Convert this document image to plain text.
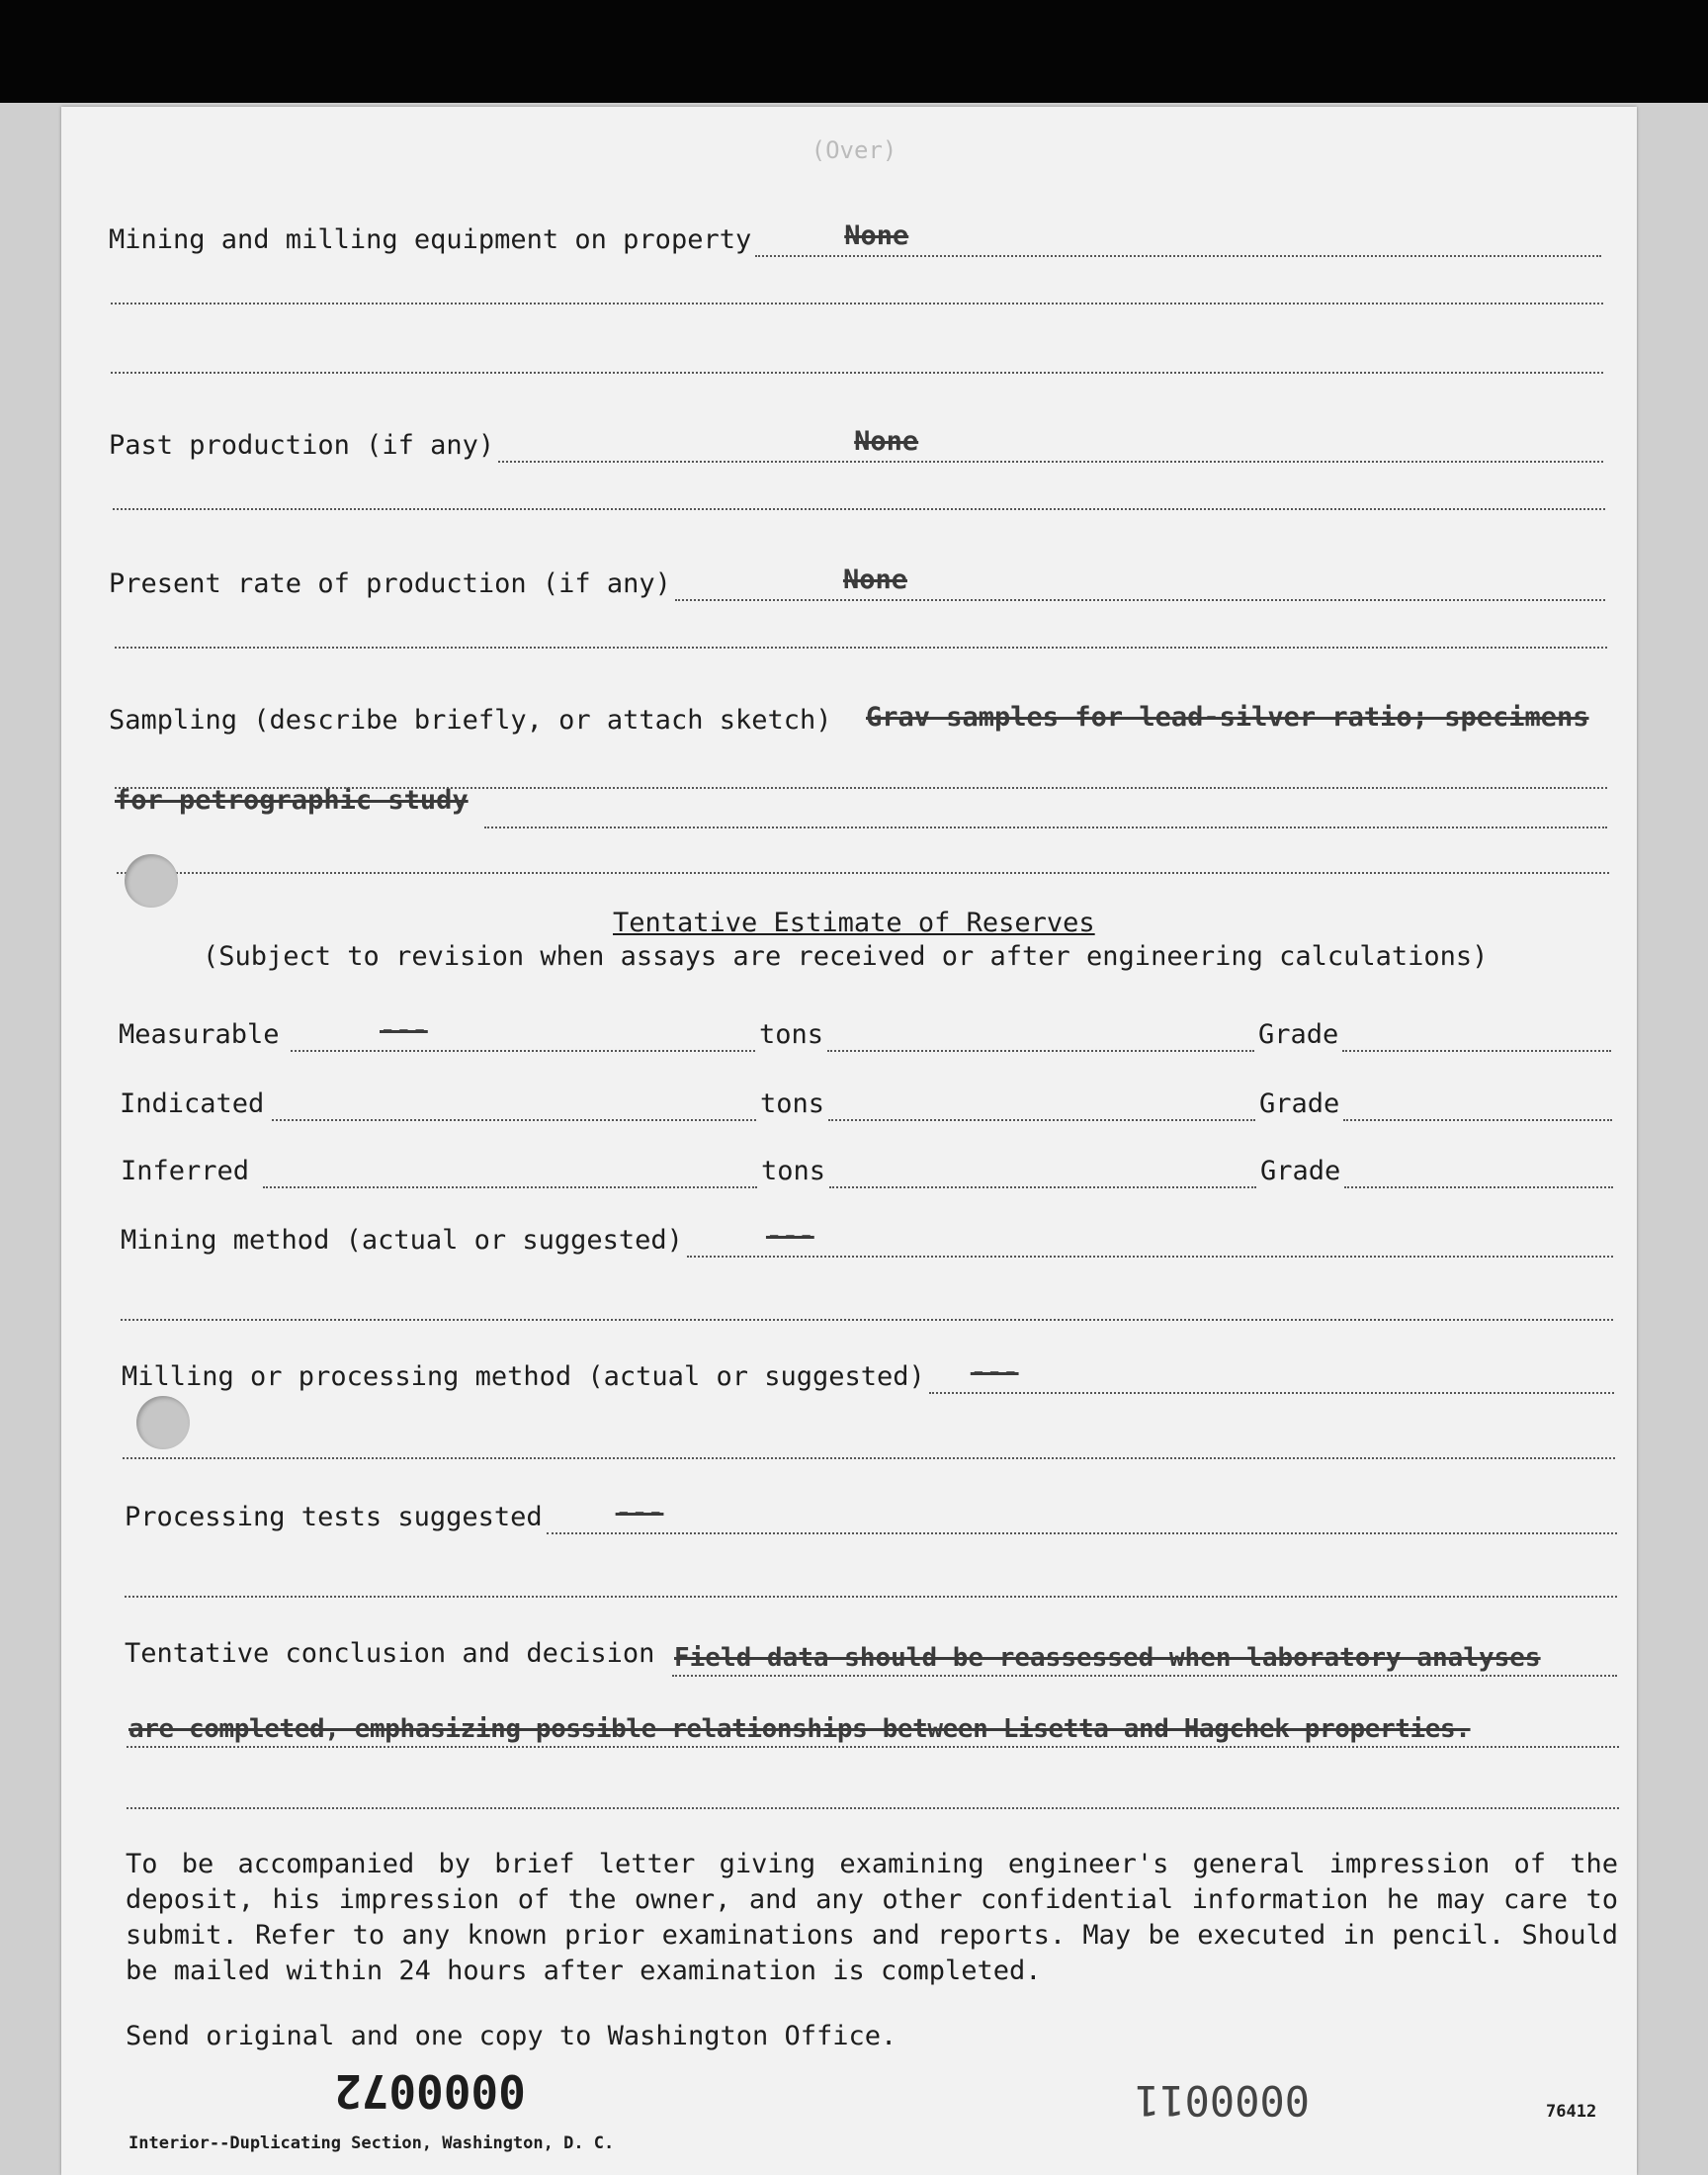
(Over)
Mining and milling equipment on property	None
Past production (if any)	None
Present rate of production (if any)	None
Sampling (describe briefly, or attach sketch) Grav samples for lead-silver ratio; specimens
for petrographic study
Tentative Estimate of Reserves
(Subject to revision when assays are received or after engineering calculations)
Measurable	---	tons	Grade
Indicated	tons	Grade
Inferred	tons	Grade
Mining method (actual or suggested)	---
Milling or processing method (actual or suggested) ---
Processing tests suggested	---
Tentative conclusion and decision Field data should be reassessed when laboratory analyses
are completed, emphasizing possible relationships between Lisetta and Hagchek properties.
To be accompanied by brief letter giving examining engineer's general impression of the deposit, his impression of the owner, and any other confidential information he may care to submit. Refer to any known prior examinations and reports. May be executed in pencil. Should be mailed within 24 hours after examination is completed.
Send original and one copy to Washington Office.
0000072	0000011
Interior--Duplicating Section, Washington, D. C.
76412
